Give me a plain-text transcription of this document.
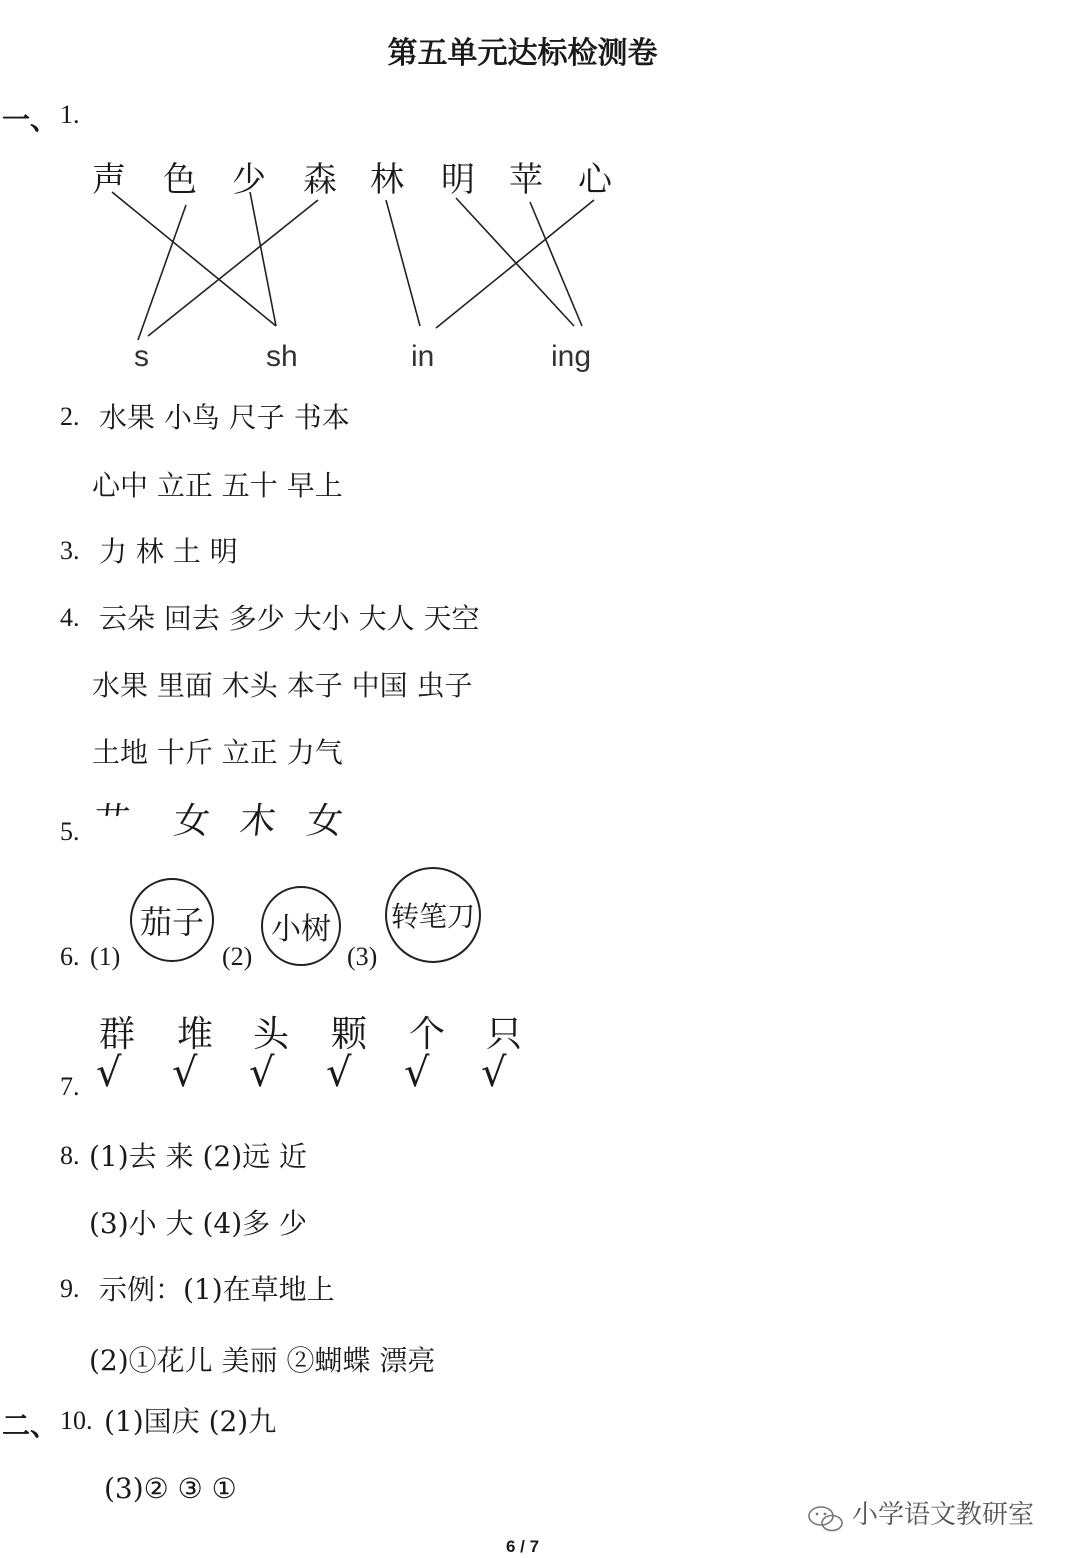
第五单元达标检测卷
一、 1.
声 色 少 森 林 明 苹 心
s	sh	in	ing
2. 水果 小鸟 尺子 书本
心中 立正 五十 早上
3. 力 林 土 明
4. 云朵 回去 多少 大小 大人 天空
水果 里面 木头 本子 中国 虫子
土地 十斤 立正 力气
5. 艹 女 木 女
6. (1)
茄子
(2)
小树
(3)
转笔刀
群 堆 头 颗 个 只
7. √ √ √ √ √ √
8. (1)去 来 (2)远 近
(3)小 大 (4)多 少
9. 示例：(1)在草地上
(2)①花儿 美丽 ②蝴蝶 漂亮
二、 10. (1)国庆 (2)九
(3)② ③ ①
小学语文教研室
6 / 7
